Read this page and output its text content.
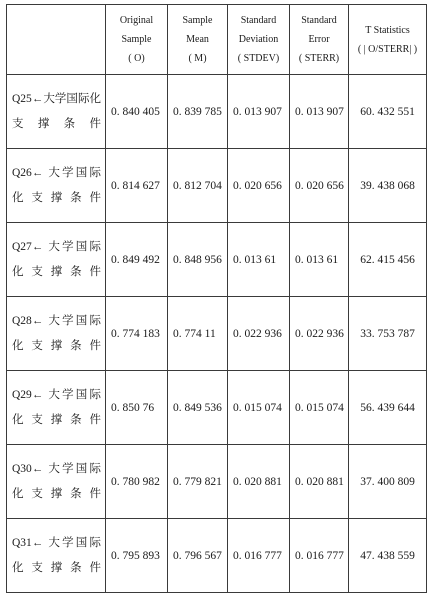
	Original
Sample
( O)	Sample
Mean
( M)	Standard
Deviation
( STDEV)	Standard
Error
( STERR)	T Statistics
( | O/STERR| )

Q25←大学国际化支撑条件	0. 840 405	0. 839 785	0. 013 907	0. 013 907	60. 432 551
Q26← 大学国际化支撑条件	0. 814 627	0. 812 704	0. 020 656	0. 020 656	39. 438 068
Q27← 大学国际化支撑条件	0. 849 492	0. 848 956	0. 013 61	0. 013 61	62. 415 456
Q28← 大学国际化支撑条件	0. 774 183	0. 774 11	0. 022 936	0. 022 936	33. 753 787
Q29← 大学国际化支撑条件	0. 850 76	0. 849 536	0. 015 074	0. 015 074	56. 439 644
Q30← 大学国际化支撑条件	0. 780 982	0. 779 821	0. 020 881	0. 020 881	37. 400 809
Q31← 大学国际化支撑条件	0. 795 893	0. 796 567	0. 016 777	0. 016 777	47. 438 559
